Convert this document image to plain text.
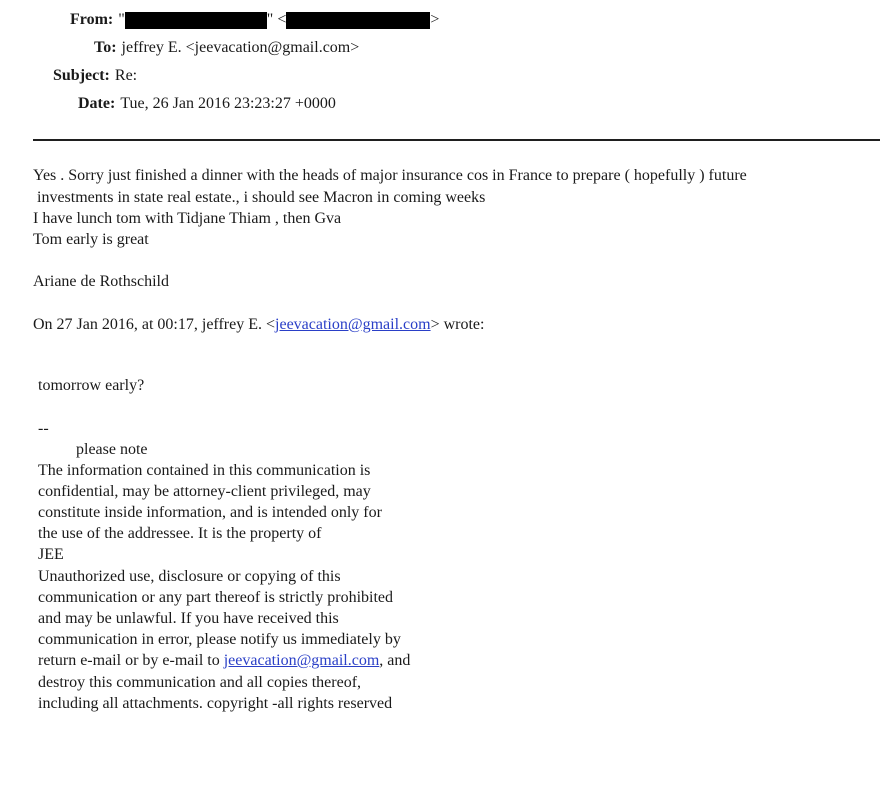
From: "	" <	>
To: jeffrey E. <jeevacation@gmail.com>
Subject: Re:
Date: Tue, 26 Jan 2016 23:23:27 +0000
Yes . Sorry just finished a dinner with the heads of major insurance cos in France to prepare ( hopefully ) future
investments in state real estate., i should see Macron in coming weeks
I have lunch tom with Tidjane Thiam , then Gva
Tom early is great
Ariane de Rothschild
On 27 Jan 2016, at 00:17, jeffrey E. <jeevacation@gmail.com> wrote:
tomorrow early?
--
please note
The information contained in this communication is
confidential, may be attorney-client privileged, may
constitute inside information, and is intended only for
the use of the addressee. It is the property of
JEE
Unauthorized use, disclosure or copying of this
communication or any part thereof is strictly prohibited
and may be unlawful. If you have received this
communication in error, please notify us immediately by
return e-mail or by e-mail to jeevacation@gmail.com, and
destroy this communication and all copies thereof,
including all attachments. copyright -all rights reserved
